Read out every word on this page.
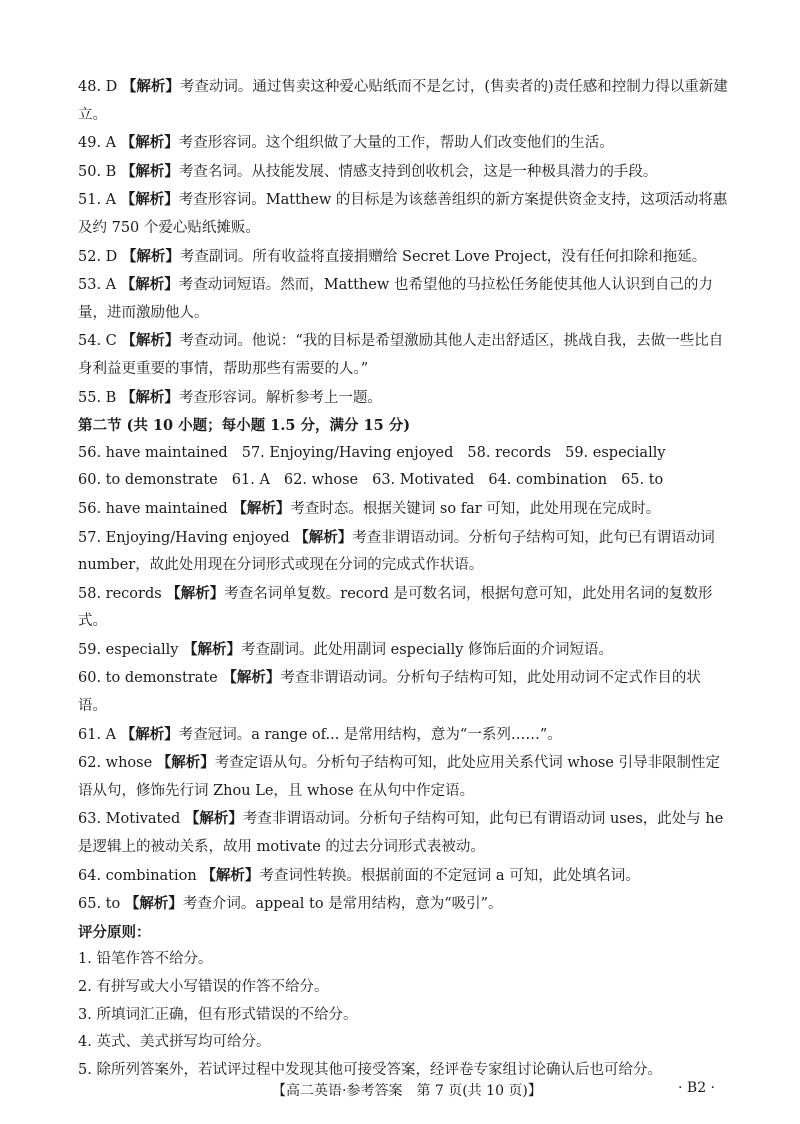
48. D 【解析】考查动词。通过售卖这种爱心贴纸而不是乞讨，(售卖者的)责任感和控制力得以重新建立。
49. A 【解析】考查形容词。这个组织做了大量的工作，帮助人们改变他们的生活。
50. B 【解析】考查名词。从技能发展、情感支持到创收机会，这是一种极具潜力的手段。
51. A 【解析】考查形容词。Matthew 的目标是为该慈善组织的新方案提供资金支持，这项活动将惠及约 750 个爱心贴纸摊贩。
52. D 【解析】考查副词。所有收益将直接捐赠给 Secret Love Project，没有任何扣除和拖延。
53. A 【解析】考查动词短语。然而，Matthew 也希望他的马拉松任务能使其他人认识到自己的力量，进而激励他人。
54. C 【解析】考查动词。他说：“我的目标是希望激励其他人走出舒适区，挑战自我，去做一些比自身利益更重要的事情，帮助那些有需要的人。”
55. B 【解析】考查形容词。解析参考上一题。
第二节 (共 10 小题；每小题 1.5 分，满分 15 分)
56. have maintained 57. Enjoying/Having enjoyed 58. records 59. especially
60. to demonstrate 61. A 62. whose 63. Motivated 64. combination 65. to
56. have maintained 【解析】考查时态。根据关键词 so far 可知，此处用现在完成时。
57. Enjoying/Having enjoyed 【解析】考查非谓语动词。分析句子结构可知，此句已有谓语动词 number，故此处用现在分词形式或现在分词的完成式作状语。
58. records 【解析】考查名词单复数。record 是可数名词，根据句意可知，此处用名词的复数形式。
59. especially 【解析】考查副词。此处用副词 especially 修饰后面的介词短语。
60. to demonstrate 【解析】考查非谓语动词。分析句子结构可知，此处用动词不定式作目的状语。
61. A 【解析】考查冠词。a range of... 是常用结构，意为“一系列……”。
62. whose 【解析】考查定语从句。分析句子结构可知，此处应用关系代词 whose 引导非限制性定语从句，修饰先行词 Zhou Le，且 whose 在从句中作定语。
63. Motivated 【解析】考查非谓语动词。分析句子结构可知，此句已有谓语动词 uses，此处与 he 是逻辑上的被动关系，故用 motivate 的过去分词形式表被动。
64. combination 【解析】考查词性转换。根据前面的不定冠词 a 可知，此处填名词。
65. to 【解析】考查介词。appeal to 是常用结构，意为“吸引”。
评分原则：
1. 铅笔作答不给分。
2. 有拼写或大小写错误的作答不给分。
3. 所填词汇正确，但有形式错误的不给分。
4. 英式、美式拼写均可给分。
5. 除所列答案外，若试评过程中发现其他可接受答案，经评卷专家组讨论确认后也可给分。
【高二英语·参考答案　第 7 页(共 10 页)】	· B2 ·
